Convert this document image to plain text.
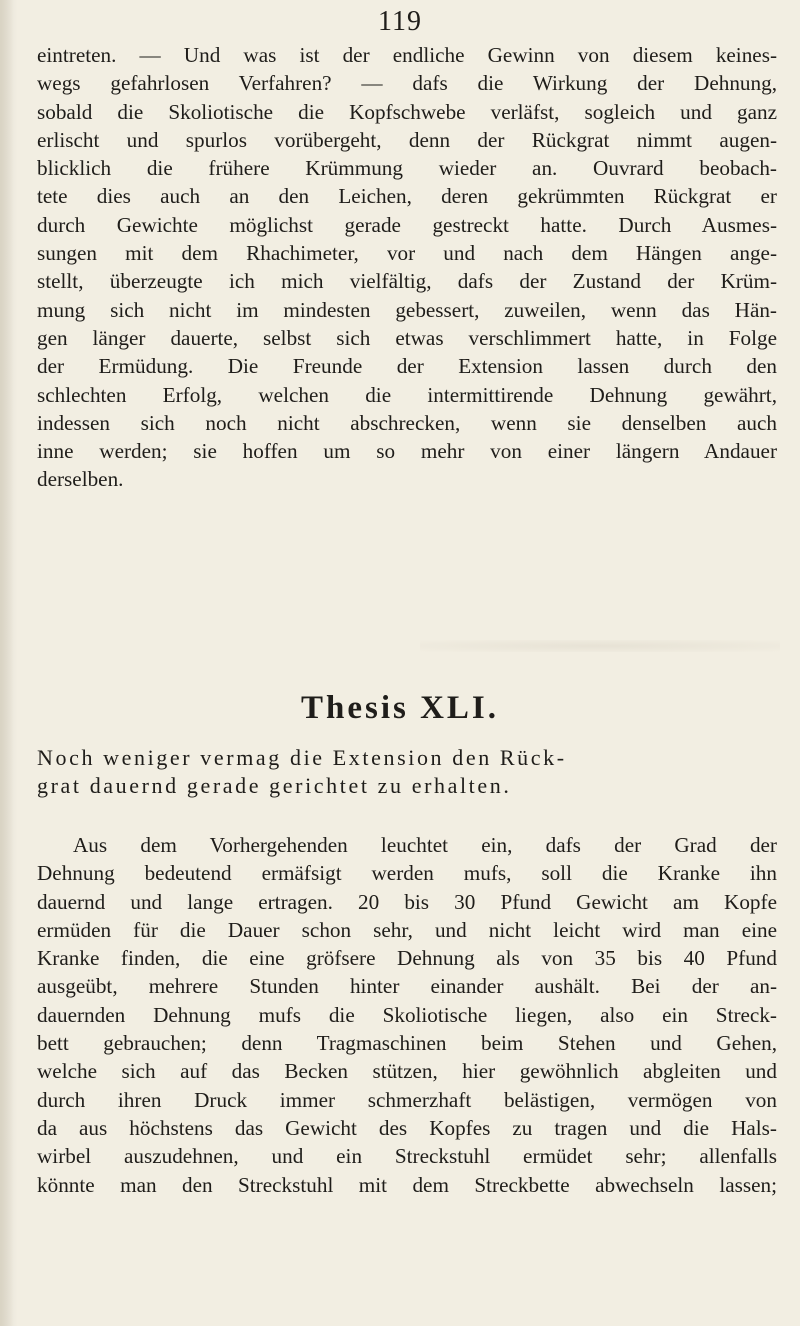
119
eintreten. — Und was ist der endliche Gewinn von diesem keines-
wegs gefahrlosen Verfahren? — dafs die Wirkung der Dehnung,
sobald die Skoliotische die Kopfschwebe verläfst, sogleich und ganz
erlischt und spurlos vorübergeht, denn der Rückgrat nimmt augen-
blicklich die frühere Krümmung wieder an. Ouvrard beobach-
tete dies auch an den Leichen, deren gekrümmten Rückgrat er
durch Gewichte möglichst gerade gestreckt hatte. Durch Ausmes-
sungen mit dem Rhachimeter, vor und nach dem Hängen ange-
stellt, überzeugte ich mich vielfältig, dafs der Zustand der Krüm-
mung sich nicht im mindesten gebessert, zuweilen, wenn das Hän-
gen länger dauerte, selbst sich etwas verschlimmert hatte, in Folge
der Ermüdung. Die Freunde der Extension lassen durch den
schlechten Erfolg, welchen die intermittirende Dehnung gewährt,
indessen sich noch nicht abschrecken, wenn sie denselben auch
inne werden; sie hoffen um so mehr von einer längern Andauer
derselben.
Thesis XLI.
Noch weniger vermag die Extension den Rück-
grat dauernd gerade gerichtet zu erhalten.
Aus dem Vorhergehenden leuchtet ein, dafs der Grad der
Dehnung bedeutend ermäfsigt werden mufs, soll die Kranke ihn
dauernd und lange ertragen. 20 bis 30 Pfund Gewicht am Kopfe
ermüden für die Dauer schon sehr, und nicht leicht wird man eine
Kranke finden, die eine gröfsere Dehnung als von 35 bis 40 Pfund
ausgeübt, mehrere Stunden hinter einander aushält. Bei der an-
dauernden Dehnung mufs die Skoliotische liegen, also ein Streck-
bett gebrauchen; denn Tragmaschinen beim Stehen und Gehen,
welche sich auf das Becken stützen, hier gewöhnlich abgleiten und
durch ihren Druck immer schmerzhaft belästigen, vermögen von
da aus höchstens das Gewicht des Kopfes zu tragen und die Hals-
wirbel auszudehnen, und ein Streckstuhl ermüdet sehr; allenfalls
könnte man den Streckstuhl mit dem Streckbette abwechseln lassen;
